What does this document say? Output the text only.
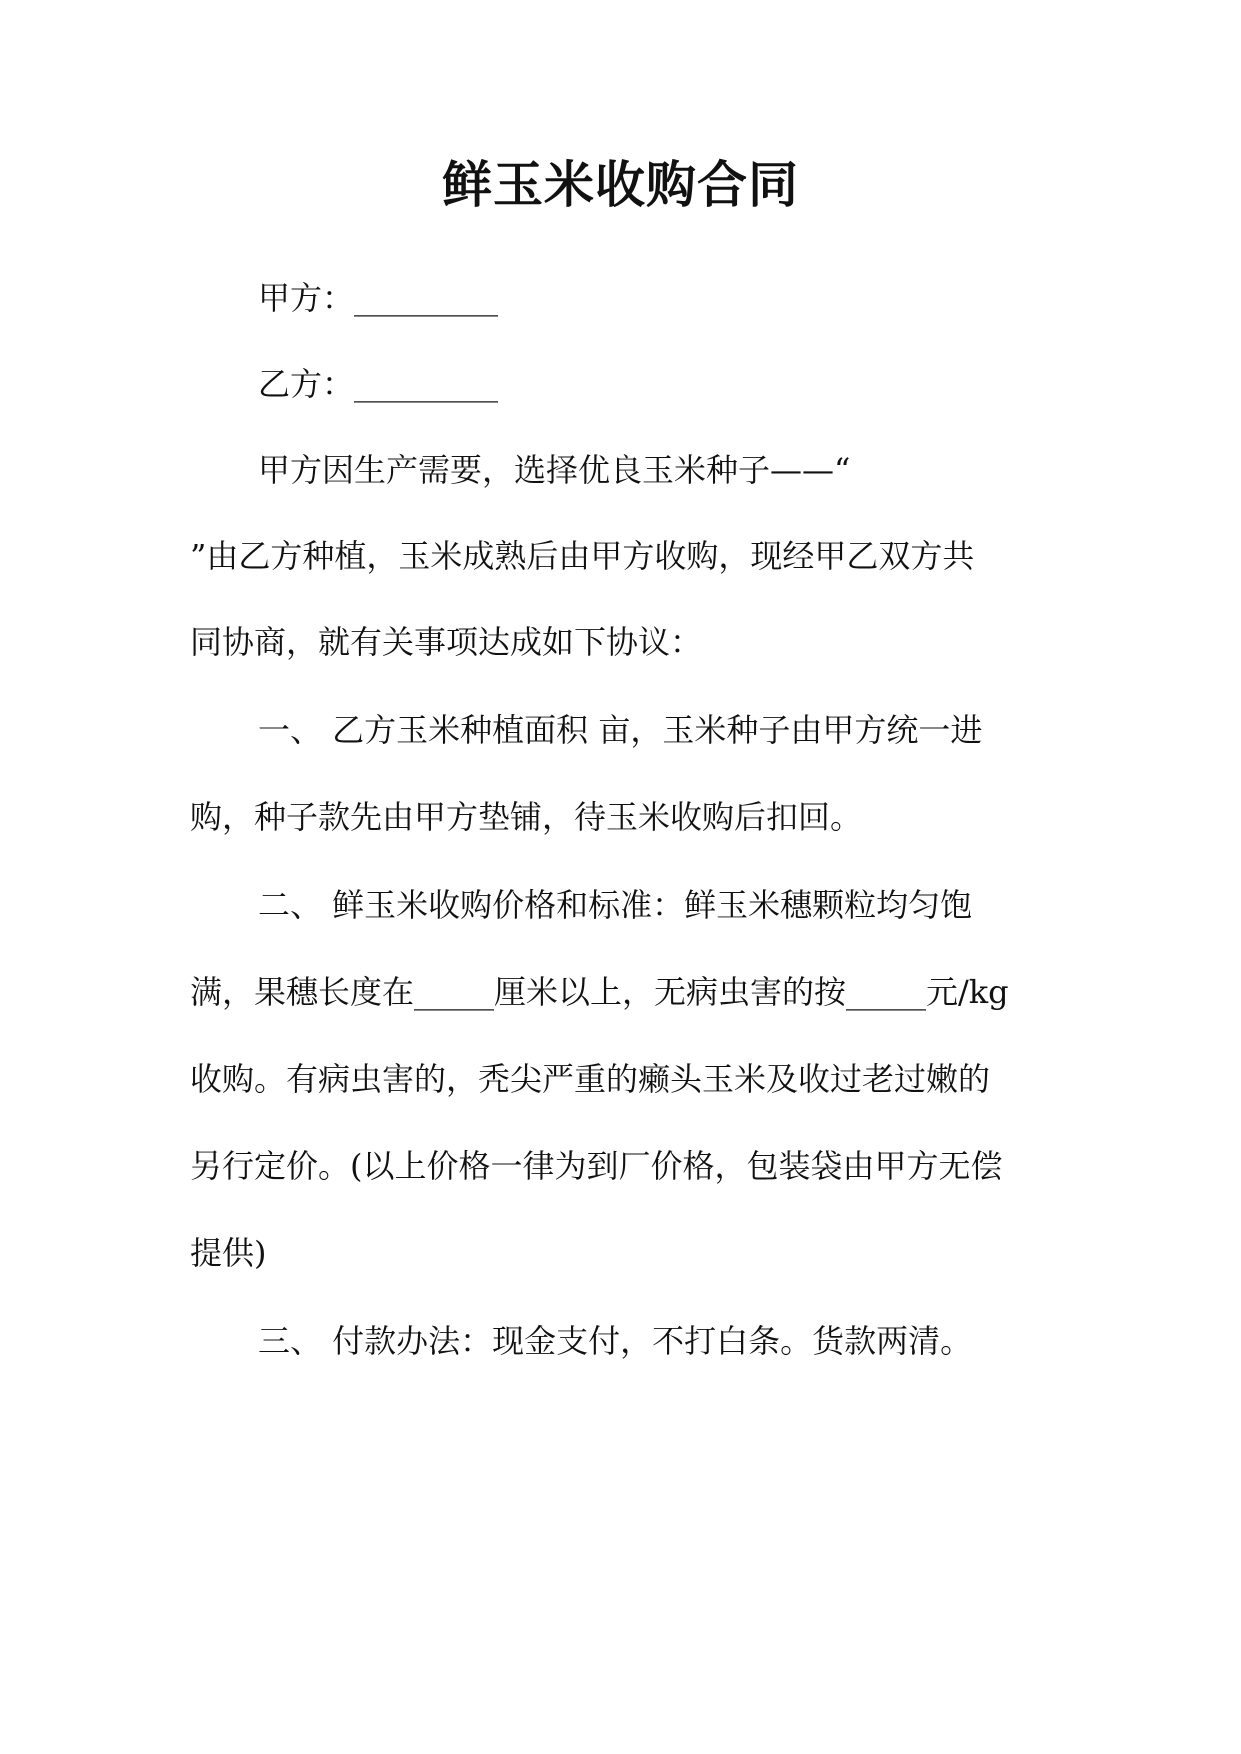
鲜玉米收购合同
甲方：_________
乙方：_________
甲方因生产需要，选择优良玉米种子——“
”由乙方种植，玉米成熟后由甲方收购，现经甲乙双方共
同协商，就有关事项达成如下协议：
一、 乙方玉米种植面积 亩，玉米种子由甲方统一进
购，种子款先由甲方垫铺，待玉米收购后扣回。
二、 鲜玉米收购价格和标准：鲜玉米穗颗粒均匀饱
满，果穗长度在_____厘米以上，无病虫害的按_____元/kg
收购。有病虫害的，秃尖严重的癞头玉米及收过老过嫩的
另行定价。(以上价格一律为到厂价格，包装袋由甲方无偿
提供)
三、 付款办法：现金支付，不打白条。货款两清。
